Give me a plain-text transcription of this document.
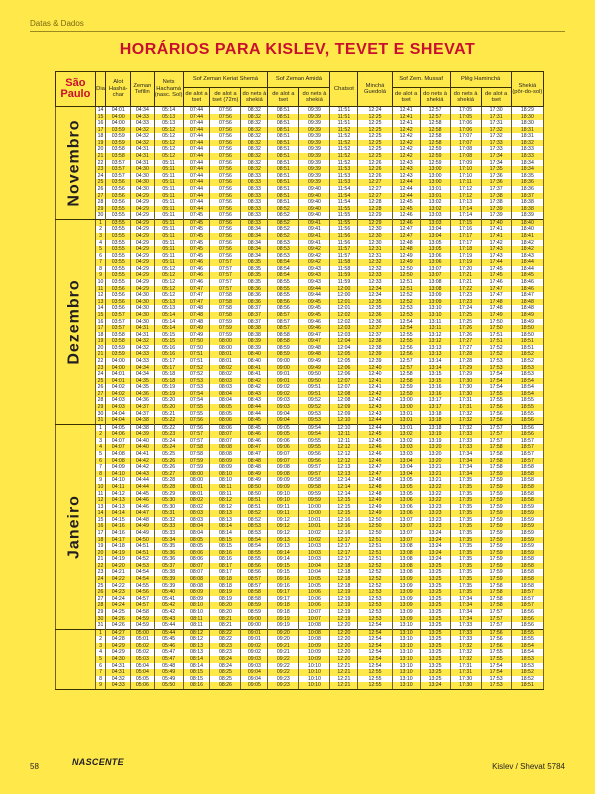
Datas & Dados
HORÁRIOS PARA KISLEV, TEVET E SHEVAT
São Paulo	Dia	Alot Hashá-char	Zeman Tefilin	Nets Hachamá (nasc. Sol)	Sof Zeman Keriat Shemá			Sof Zeman Amidá		Chatsot	Minchá Guedolá	Sof Zem. Mussaf		Plêg Haminchá		Shekiá (pôr-do-sol)
					de alot a tset	de alot a tset (72m)	do nets à shekiá	de alot a tset	do nets à shekiá			de alot a tset	do nets à shekiá	do nets à shekiá	de alot a tset	

Novembro	14	04:01	04:34	05:14	07:44	07:56	08:32	08:51	09:39	11:51	12:24	12:41	12:57	17:05	17:30	18:29
	15	04:00	04:33	05:13	07:44	07:56	08:32	08:51	09:39	11:51	12:25	12:41	12:57	17:05	17:31	18:30
	16	04:00	04:33	05:13	07:44	07:56	08:32	08:51	09:39	11:51	12:25	12:41	12:58	17:06	17:31	18:30
	17	03:59	04:32	05:12	07:44	07:56	08:32	08:51	09:39	11:52	12:25	12:42	12:58	17:06	17:32	18:31
	18	03:59	04:32	05:12	07:44	07:56	08:32	08:51	09:39	11:52	12:25	12:42	12:58	17:07	17:32	18:31
	19	03:59	04:32	05:12	07:44	07:56	08:32	08:51	09:39	11:52	12:25	12:42	12:58	17:07	17:33	18:32
	20	03:58	04:31	05:12	07:44	07:56	08:32	08:51	09:39	11:52	12:25	12:42	12:59	17:08	17:33	18:33
	21	03:58	04:31	05:12	07:44	07:56	08:32	08:51	09:39	11:52	12:25	12:42	12:59	17:08	17:34	18:33
	22	03:57	04:31	05:11	07:44	07:56	08:32	08:51	09:39	11:52	12:26	12:43	12:59	17:09	17:34	18:34
	23	03:57	04:30	05:11	07:44	07:56	08:32	08:51	09:39	11:53	12:26	12:43	13:00	17:10	17:35	18:34
	24	03:57	04:30	05:11	07:44	07:56	08:33	08:51	09:39	11:53	12:26	12:43	13:00	17:10	17:36	18:35
	25	03:56	04:30	05:11	07:44	07:56	08:33	08:51	09:39	11:53	12:27	12:44	13:00	17:11	17:36	18:36
	26	03:56	04:30	05:11	07:44	07:56	08:33	08:51	09:40	11:54	12:27	12:44	13:01	17:12	17:37	18:36
	27	03:56	04:29	05:11	07:44	07:56	08:33	08:51	09:40	11:54	12:27	12:44	13:01	17:12	17:38	18:37
	28	03:56	04:29	05:11	07:44	07:56	08:33	08:51	09:40	11:54	12:28	12:45	13:02	17:13	17:38	18:38
	29	03:55	04:29	05:11	07:44	07:56	08:33	08:52	09:40	11:55	12:28	12:45	13:02	17:14	17:39	18:38
	30	03:55	04:29	05:11	07:45	07:56	08:33	08:52	09:40	11:55	12:29	12:46	13:03	17:14	17:39	18:39

Dezembro	1	03:55	04:29	05:11	07:45	07:56	08:33	08:52	09:41	11:55	12:29	12:46	13:03	17:15	17:40	18:40
	2	03:55	04:29	05:11	07:45	07:56	08:34	08:52	09:41	11:56	12:30	12:47	13:04	17:16	17:41	18:40
	3	03:55	04:29	05:11	07:45	07:56	08:34	08:52	09:41	11:56	12:30	12:47	13:04	17:17	17:41	18:41
	4	03:55	04:29	05:11	07:45	07:56	08:34	08:53	09:41	11:56	12:30	12:48	13:05	17:17	17:42	18:42
	5	03:55	04:29	05:11	07:45	07:56	08:34	08:53	09:42	11:57	12:31	12:48	13:05	17:18	17:43	18:42
	6	03:55	04:29	05:11	07:45	07:56	08:34	08:53	09:42	11:57	12:31	12:49	13:06	17:19	17:43	18:43
	7	03:55	04:29	05:11	07:46	07:57	08:35	08:54	09:42	11:58	12:32	12:49	13:06	17:19	17:44	18:44
	8	03:55	04:29	05:12	07:46	07:57	08:35	08:54	09:43	11:58	12:32	12:50	13:07	17:20	17:45	18:44
	9	03:55	04:29	05:12	07:46	07:57	08:35	08:54	09:43	11:59	12:33	12:50	13:07	17:21	17:45	18:45
	10	03:55	04:29	05:12	07:46	07:57	08:35	08:55	09:43	11:59	12:33	12:51	13:08	17:21	17:46	18:46
	11	03:56	04:29	05:12	07:47	07:57	08:36	08:55	09:44	12:00	12:34	12:51	13:08	17:22	17:47	18:46
	12	03:56	04:30	05:12	07:47	07:58	08:36	08:55	09:44	12:00	12:34	12:52	13:09	17:23	17:47	18:47
	13	03:56	04:30	05:13	07:47	07:58	08:36	08:56	09:45	12:01	12:35	12:52	13:09	17:23	17:48	18:48
	14	03:56	04:30	05:13	07:48	07:58	08:37	08:56	09:45	12:01	12:35	12:53	13:10	17:24	17:48	18:48
	15	03:57	04:30	05:14	07:48	07:58	08:37	08:57	09:45	12:02	12:36	12:53	13:10	17:25	17:49	18:49
	16	03:57	04:30	05:14	07:48	07:59	08:37	08:57	09:46	12:02	12:36	12:54	13:11	17:25	17:50	18:49
	17	03:57	04:31	05:14	07:49	07:59	08:38	08:57	09:46	12:03	12:37	12:54	13:11	17:26	17:50	18:50
	18	03:58	04:31	05:15	07:49	07:59	08:38	08:58	09:47	12:03	12:37	12:55	13:12	17:26	17:51	18:50
	19	03:58	04:32	05:15	07:50	08:00	08:39	08:58	09:47	12:04	12:38	12:55	13:12	17:27	17:51	18:51
	20	03:59	04:32	05:16	07:50	08:00	08:39	08:59	09:48	12:04	12:38	12:56	13:13	17:27	17:52	18:51
	21	03:59	04:33	05:16	07:51	08:01	08:40	08:59	09:48	12:05	12:39	12:56	13:13	17:28	17:52	18:52
	22	04:00	04:33	05:17	07:51	08:01	08:40	09:00	09:49	12:05	12:39	12:57	13:14	17:28	17:53	18:52
	23	04:00	04:34	05:17	07:52	08:02	08:41	09:00	09:49	12:06	12:40	12:57	13:14	17:29	17:53	18:53
	24	04:01	04:34	05:18	07:52	08:02	08:41	09:01	09:50	12:06	12:40	12:58	13:15	17:29	17:54	18:53
	25	04:01	04:35	05:18	07:53	08:03	08:42	09:01	09:50	12:07	12:41	12:58	13:15	17:30	17:54	18:54
	26	04:02	04:35	05:19	07:53	08:03	08:42	09:02	09:51	12:07	12:41	12:59	13:16	17:30	17:54	18:54
	27	04:02	04:36	05:19	07:54	08:04	08:43	09:02	09:51	12:08	12:42	12:59	13:16	17:30	17:55	18:54
	28	04:03	04:36	05:20	07:54	08:04	08:43	09:03	09:52	12:08	12:42	13:00	13:17	17:31	17:55	18:55
	29	04:03	04:37	05:20	07:55	08:05	08:44	09:03	09:52	12:09	12:43	13:00	13:17	17:31	17:56	18:55
	30	04:04	04:37	05:21	07:55	08:05	08:44	09:04	09:53	12:09	12:43	13:01	13:18	17:32	17:56	18:55
	31	04:04	04:38	05:22	07:56	08:06	08:45	09:04	09:53	12:10	12:44	13:01	13:18	17:32	17:56	18:56

Janeiro	1	04:05	04:38	05:22	07:56	08:06	08:45	09:05	09:54	12:10	12:44	13:01	13:18	17:32	17:57	18:56
	2	04:06	04:39	05:23	07:57	08:07	08:46	09:05	09:54	12:11	12:45	13:02	13:19	17:33	17:57	18:56
	3	04:07	04:40	05:24	07:57	08:07	08:46	09:06	09:55	12:11	12:45	13:02	13:19	17:33	17:57	18:57
	4	04:07	04:40	05:24	07:58	08:08	08:47	09:06	09:55	12:12	12:46	13:03	13:20	17:33	17:58	18:57
	5	04:08	04:41	05:25	07:58	08:08	08:47	09:07	09:56	12:12	12:46	13:03	13:20	17:34	17:58	18:57
	6	04:08	04:42	05:26	07:59	08:09	08:48	09:07	09:56	12:12	12:46	13:04	13:20	17:34	17:58	18:57
	7	04:09	04:42	05:26	07:59	08:09	08:48	09:08	09:57	12:13	12:47	13:04	13:21	17:34	17:58	18:58
	8	04:10	04:43	05:27	08:00	08:10	08:49	09:08	09:57	12:13	12:47	13:04	13:21	17:34	17:59	18:58
	9	04:10	04:44	05:28	08:00	08:10	08:49	09:09	09:58	12:14	12:48	13:05	13:21	17:35	17:59	18:58
	10	04:11	04:44	05:28	08:01	08:11	08:50	09:09	09:58	12:14	12:48	13:05	13:22	17:35	17:59	18:58
	11	04:12	04:45	05:29	08:01	08:11	08:50	09:10	09:59	12:14	12:48	13:05	13:22	17:35	17:59	18:58
	12	04:13	04:46	05:30	08:02	08:12	08:51	09:10	09:59	12:15	12:49	13:06	13:22	17:35	17:59	18:58
	13	04:13	04:46	05:30	08:02	08:12	08:51	09:11	10:00	12:15	12:49	13:06	13:23	17:35	17:59	18:59
	14	04:14	04:47	05:31	08:03	08:13	08:52	09:11	10:00	12:15	12:49	13:06	13:23	17:35	17:59	18:59
	15	04:15	04:48	05:32	08:03	08:13	08:52	09:12	10:01	12:16	12:50	13:07	13:23	17:35	17:59	18:59
	16	04:16	04:49	05:33	08:04	08:14	08:53	09:12	10:01	12:16	12:50	13:07	13:23	17:35	17:59	18:59
	17	04:16	04:49	05:33	08:04	08:14	08:53	09:12	10:02	12:16	12:50	13:07	13:24	17:35	17:59	18:59
	18	04:17	04:50	05:34	08:05	08:15	08:54	09:13	10:02	12:17	12:51	13:07	13:24	17:35	17:59	18:59
	19	04:18	04:51	05:35	08:05	08:15	08:54	09:13	10:03	12:17	12:51	13:08	13:24	17:35	17:59	18:59
	20	04:19	04:51	05:36	08:06	08:16	08:55	09:14	10:03	12:17	12:51	13:08	13:24	17:35	17:59	18:59
	21	04:19	04:52	05:36	08:06	08:16	08:55	09:14	10:03	12:17	12:51	13:08	13:24	17:35	17:59	18:58
	22	04:20	04:53	05:37	08:07	08:17	08:56	09:15	10:04	12:18	12:52	13:08	13:25	17:35	17:59	18:58
	23	04:21	04:54	05:38	08:07	08:17	08:56	09:15	10:04	12:18	12:52	13:08	13:25	17:35	17:59	18:58
	24	04:22	04:54	05:39	08:08	08:18	08:57	09:16	10:05	12:18	12:52	13:09	13:25	17:35	17:59	18:58
	25	04:22	04:55	05:39	08:08	08:18	08:57	09:16	10:05	12:18	12:52	13:09	13:25	17:35	17:58	18:58
	26	04:23	04:56	05:40	08:09	08:19	08:58	09:17	10:06	12:19	12:53	13:09	13:25	17:35	17:58	18:57
	27	04:24	04:57	05:41	08:09	08:19	08:58	09:17	10:06	12:19	12:53	13:09	13:25	17:34	17:58	18:57
	28	04:24	04:57	05:42	08:10	08:20	08:59	09:18	10:06	12:19	12:53	13:09	13:25	17:34	17:58	18:57
	29	04:25	04:58	05:42	08:10	08:20	08:59	09:18	10:07	12:19	12:53	13:09	13:25	17:34	17:57	18:56
	30	04:26	04:59	05:43	08:11	08:21	09:00	09:19	10:07	12:19	12:53	13:09	13:25	17:34	17:57	18:56
	31	04:26	04:59	05:44	08:11	08:21	09:00	09:19	10:08	12:20	12:54	13:10	13:25	17:33	17:57	18:56

	1	04:27	05:00	05:44	08:12	08:22	09:01	09:20	10:08	12:20	12:54	13:10	13:25	17:33	17:56	18:55
	2	04:28	05:01	05:45	08:12	08:22	09:01	09:20	10:08	12:20	12:54	13:10	13:25	17:33	17:56	18:55
	3	04:29	05:02	05:46	08:13	08:23	09:02	09:21	10:09	12:20	12:54	13:10	13:25	17:32	17:56	18:54
	4	04:29	05:02	05:47	08:13	08:23	09:02	09:21	10:09	12:20	12:54	13:10	13:25	17:32	17:55	18:54
	5	04:30	05:03	05:47	08:14	08:24	09:03	09:22	10:09	12:20	12:54	13:10	13:25	17:32	17:55	18:53
	6	04:31	05:04	05:48	08:14	08:24	09:03	09:22	10:10	12:21	12:54	13:10	13:25	17:31	17:54	18:53
	7	04:31	05:04	05:49	08:15	08:25	09:04	09:22	10:10	12:21	12:55	13:10	13:25	17:31	17:54	18:52
	8	04:32	05:05	05:49	08:15	08:25	09:04	09:23	10:10	12:21	12:55	13:10	13:25	17:30	17:53	18:52
	9	04:33	05:06	05:50	08:16	08:26	09:05	09:23	10:10	12:21	12:55	13:10	13:24	17:30	17:53	18:51
58	NASCENTE	Kislev / Shevat 5784
